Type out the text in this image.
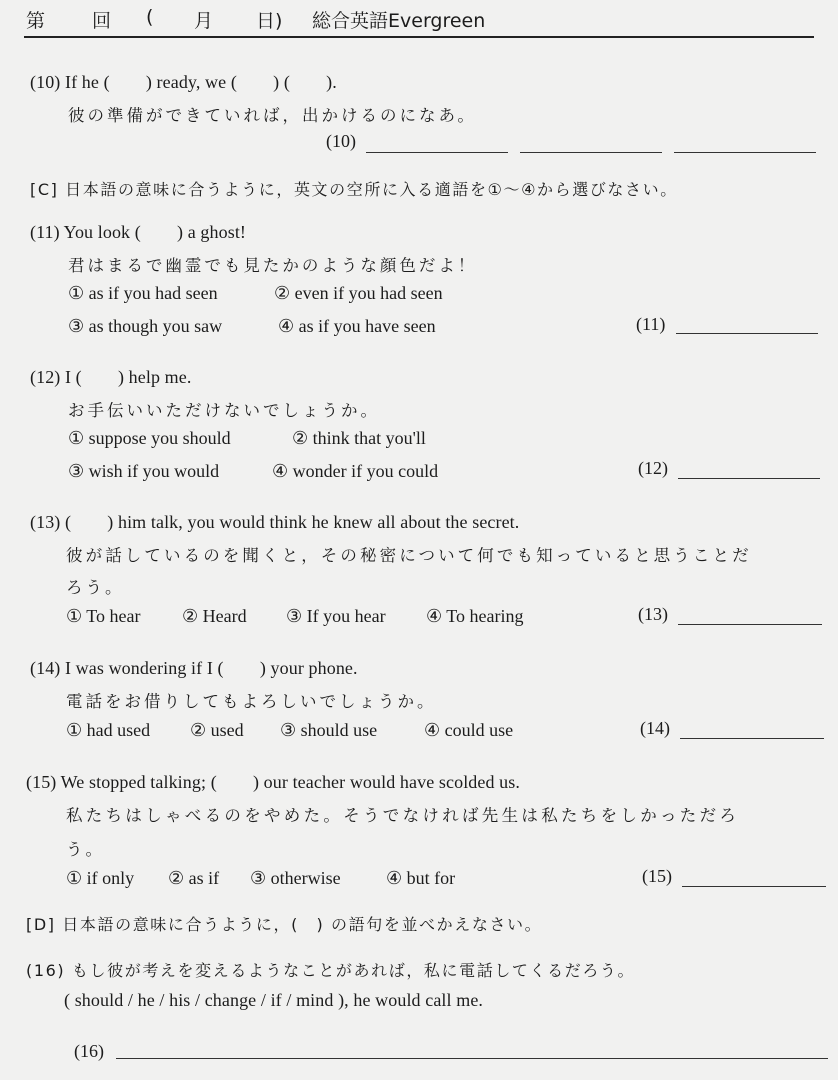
第 回 ( 月 日) 総合英語Evergreen
(10) If he (　　) ready, we (　　) (　　).
彼の準備ができていれば，出かけるのになあ。
(10)
[C] 日本語の意味に合うように，英文の空所に入る適語を①～④から選びなさい。
(11) You look (　　) a ghost!
君はまるで幽霊でも見たかのような顔色だよ！
① as if you had seen	② even if you had seen
③ as though you saw	④ as if you have seen	(11)
(12) I (　　) help me.
お手伝いいただけないでしょうか。
① suppose you should	② think that you'll
③ wish if you would	④ wonder if you could	(12)
(13) (　　) him talk, you would think he knew all about the secret.
彼が話しているのを聞くと，その秘密について何でも知っていると思うことだ
ろう。
① To hear ② Heard ③ If you hear ④ To hearing	(13)
(14) I was wondering if I (　　) your phone.
電話をお借りしてもよろしいでしょうか。
① had used ② used ③ should use	④ could use	(14)
(15) We stopped talking; (　　) our teacher would have scolded us.
私たちはしゃべるのをやめた。そうでなければ先生は私たちをしかっただろ
う。
① if only ② as if ③ otherwise	④ but for	(15)
[D] 日本語の意味に合うように，(　) の語句を並べかえなさい。
(16) もし彼が考えを変えるようなことがあれば，私に電話してくるだろう。
( should / he / his / change / if / mind ), he would call me.
(16)
